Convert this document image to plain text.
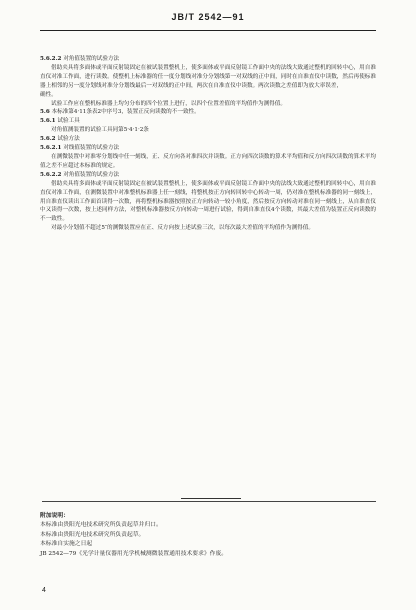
JB/T 2542—91

5.6.2.2 对角值装置的试验方法

借助夹具将多面体或平面反射镜固定在被试装置整机上，使多面体或平面反射镜工作面中央的法线大致通过整机的回转中心，用自准直仪对准工作面，进行读数。使整机上标准器的任一度分划线对准分分划线第一对双线的正中间，同时在自准直仪中读数，然后再使标准器上相邻的另一度分划线对准分分划线最后一对双线的正中间，两次在自准直仪中读数。两次读数之差值即为放大率误差，

确性。

试验工作应在整机标准器上均匀分布的四个位置上进行，以四个位置差值的平均值作为测得值。

5.6 本标准第4·11条表2中序号3，装置正反向读数的不一致性。

5.6.1 试验工具

对角值测装置的试验工具同第5·4·1·2条

5.6.2 试验方法

5.6.2.1 对线值装置的试验方法

在测微装置中对准零分划线中任一刻线，正、反方向各对准四次并读数。正方向四次读数的算术平均值和反方向四次读数的算术平均值之差不应超过本标准的规定。

5.6.2.2 对角值装置的试验方法

借助夹具将多面体或平面反射镜固定在被试装置整机上，使多面体或平面反射镜工作面中央的法线大致通过整机的回转中心，用自准直仪对准工作面，在测微装置中对准整机标准器上任一刻线，将整机按正方向转回转中心转动一周，仍对准在整机标准器的同一刻线上，用自准直仪读出工作面首读得一次数，再将整机标准器按照按正方向转动一较小角度，然后按反方向转动对准在同一刻线上，从自准直仪中又读得一次数，按上述同样方法，对整机标准器按反方向转动一周进行试验，得到自准直仪4个读数，其最大差值为装置正反向读数的不一致性。

对最小分划值不超过5″的测微装置应在正、反方向按上述试验三次，以每次最大差值的平均值作为测得值。

附加说明：

本标准由贵阳光电技术研究所负责起草并归口。

本标准由贵阳光电技术研究所负责起草。

本标准自实施之日起

JB 2542—79《光学计量仪器用光学机械测微装置通用技术要求》作废。

4
